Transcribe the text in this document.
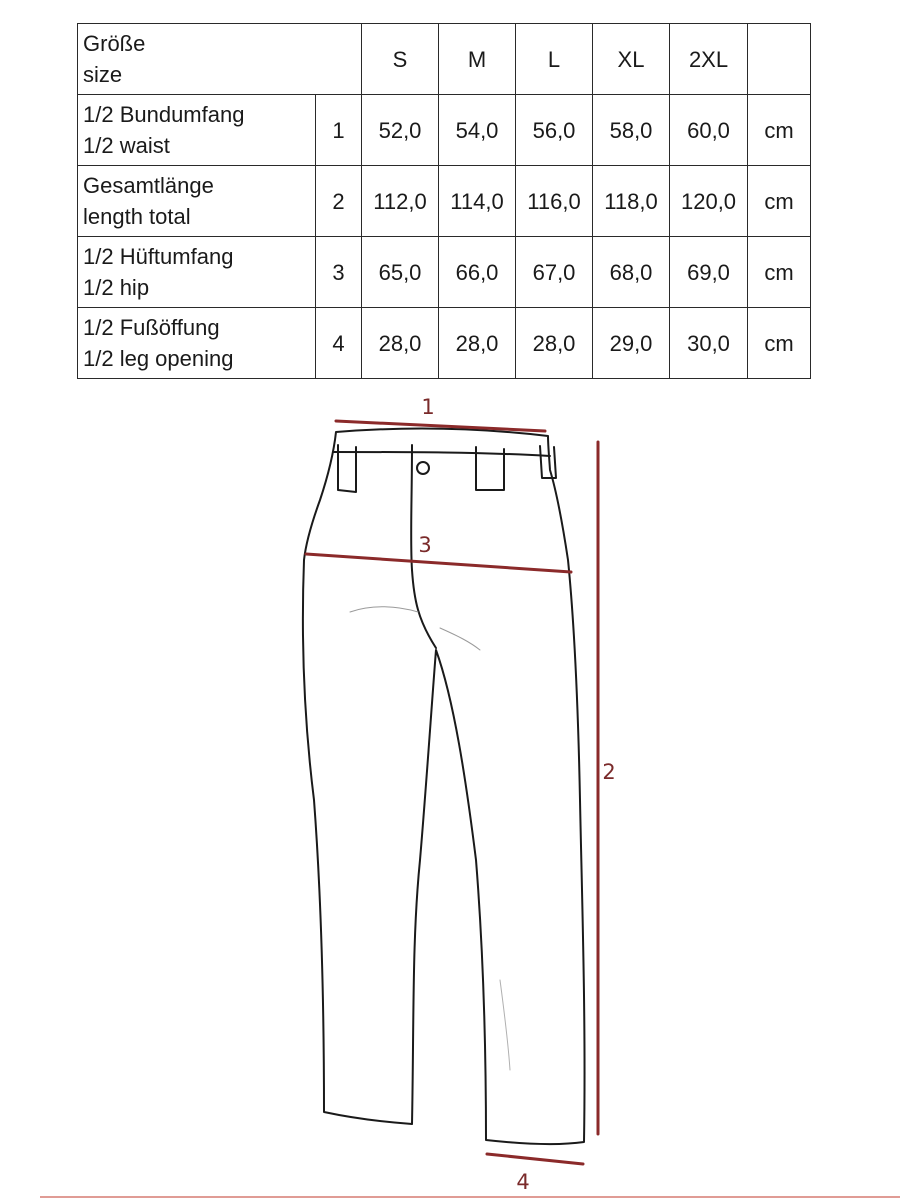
Größe
size		S	M	L	XL	2XL	

1/2 Bundumfang
1/2 waist	1	52,0	54,0	56,0	58,0	60,0	cm

Gesamtlänge
length total	2	112,0	114,0	116,0	118,0	120,0	cm

1/2 Hüftumfang
1/2 hip	3	65,0	66,0	67,0	68,0	69,0	cm

1/2 Fußöffung
1/2 leg opening	4	28,0	28,0	28,0	29,0	30,0	cm
1
3
2
4
